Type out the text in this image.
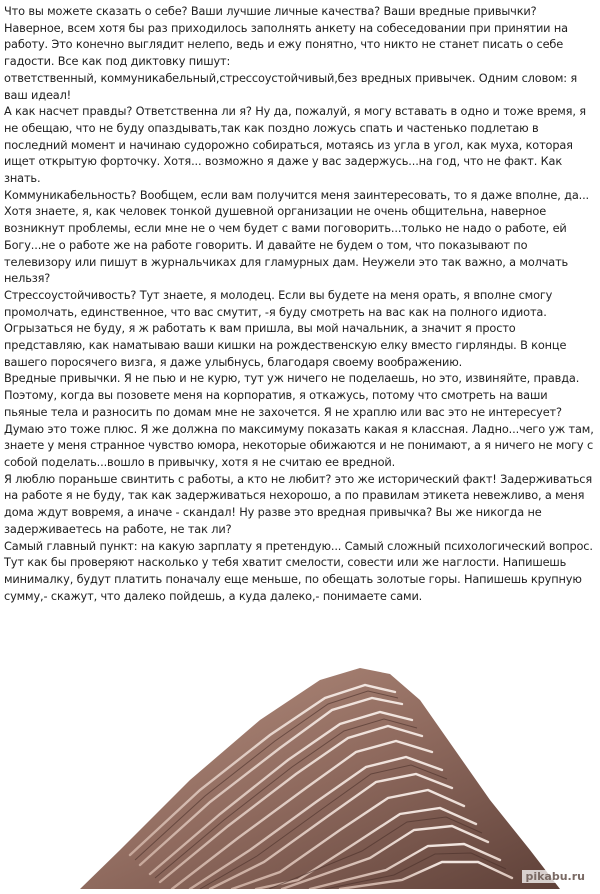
Что вы можете сказать о себе? Ваши лучшие личные качества? Ваши вредные привычки? Наверное, всем хотя бы раз приходилось заполнять анкету на собеседовании при принятии на работу. Это конечно выглядит нелепо, ведь и ежу понятно, что никто не станет писать о себе гадости. Все как под диктовку пишут:

ответственный, коммуникабельный,стрессоустойчивый,без вредных привычек. Одним словом: я ваш идеал!

А как насчет правды? Ответственна ли я? Ну да, пожалуй, я могу вставать в одно и тоже время, я не обещаю, что не буду опаздывать,так как поздно ложусь спать и частенько подлетаю в последний момент и начинаю судорожно собираться, мотаясь из угла в угол, как муха, которая ищет открытую форточку. Хотя... возможно я даже у вас задержусь...на год, что не факт. Как знать.

Коммуникабельность? Вообщем, если вам получится меня заинтересовать, то я даже вполне, да... Хотя знаете, я, как человек тонкой душевной организации не очень общительна, наверное возникнут проблемы, если мне не о чем будет с вами поговорить...только не надо о работе, ей Богу...не о работе же на работе говорить. И давайте не будем о том, что показывают по телевизору или пишут в журнальчиках для гламурных дам. Неужели это так важно, а молчать нельзя?

Стрессоустойчивость? Тут знаете, я молодец. Если вы будете на меня орать, я вполне смогу промолчать, единственное, что вас смутит, -я буду смотреть на вас как на полного идиота. Огрызаться не буду, я ж работать к вам пришла, вы мой начальник, а значит я просто представляю, как наматываю ваши кишки на рождественскую елку вместо гирлянды. В конце вашего поросячего визга, я даже улыбнусь, благодаря своему воображению.

Вредные привычки. Я не пью и не курю, тут уж ничего не поделаешь, но это, извиняйте, правда. Поэтому, когда вы позовете меня на корпоратив, я откажусь, потому что смотреть на ваши пьяные тела и разносить по домам мне не захочется. Я не храплю или вас это не интересует? Думаю это тоже плюс. Я же должна по максимуму показать какая я классная. Ладно...чего уж там, знаете у меня странное чувство юмора, некоторые обижаются и не понимают, а я ничего не могу с собой поделать...вошло в привычку, хотя я не считаю ее вредной.

Я люблю пораньше свинтить с работы, а кто не любит? это же исторический факт! Задерживаться на работе я не буду, так как задерживаться нехорошо, а по правилам этикета невежливо, а меня дома ждут вовремя, а иначе - скандал! Ну разве это вредная привычка? Вы же никогда не задерживаетесь на работе, не так ли?

Самый главный пункт: на какую зарплату я претендую... Самый сложный психологический вопрос. Тут как бы проверяют насколько у тебя хватит смелости, совести или же наглости. Напишешь минималку, будут платить поначалу еще меньше, по обещать золотые горы. Напишешь крупную сумму,- скажут, что далеко пойдешь, а куда далеко,- понимаете сами.

pikabu.ru
